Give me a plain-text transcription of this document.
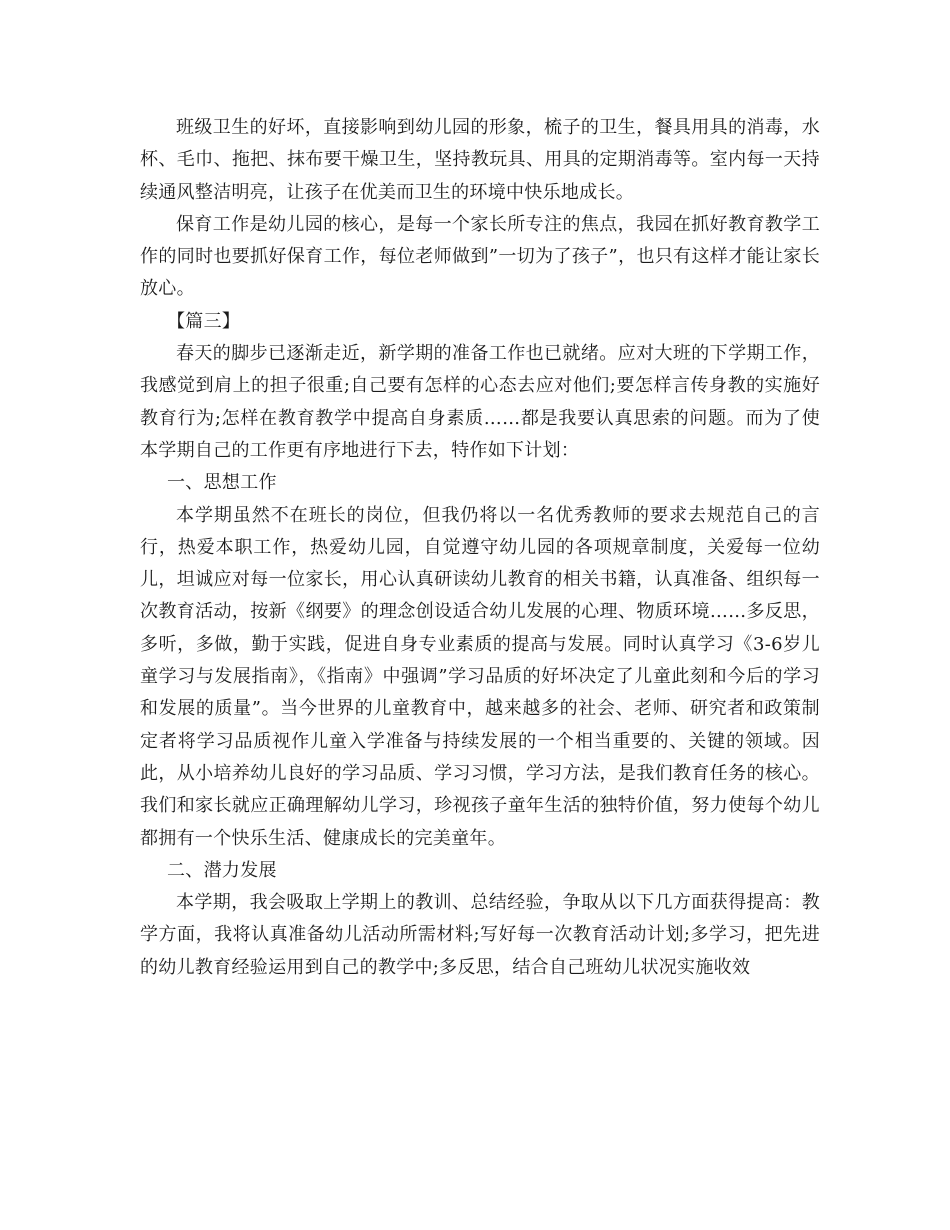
班级卫生的好坏，直接影响到幼儿园的形象，梳子的卫生，餐具用具的消毒，水杯、毛巾、拖把、抹布要干燥卫生，坚持教玩具、用具的定期消毒等。室内每一天持续通风整洁明亮，让孩子在优美而卫生的环境中快乐地成长。

保育工作是幼儿园的核心，是每一个家长所专注的焦点，我园在抓好教育教学工作的同时也要抓好保育工作，每位老师做到”一切为了孩子”，也只有这样才能让家长放心。

【篇三】

春天的脚步已逐渐走近，新学期的准备工作也已就绪。应对大班的下学期工作，我感觉到肩上的担子很重;自己要有怎样的心态去应对他们;要怎样言传身教的实施好教育行为;怎样在教育教学中提高自身素质……都是我要认真思索的问题。而为了使本学期自己的工作更有序地进行下去，特作如下计划：

一、思想工作

本学期虽然不在班长的岗位，但我仍将以一名优秀教师的要求去规范自己的言行，热爱本职工作，热爱幼儿园，自觉遵守幼儿园的各项规章制度，关爱每一位幼儿，坦诚应对每一位家长，用心认真研读幼儿教育的相关书籍，认真准备、组织每一次教育活动，按新《纲要》的理念创设适合幼儿发展的心理、物质环境……多反思，多听，多做，勤于实践，促进自身专业素质的提高与发展。同时认真学习《3-6岁儿童学习与发展指南》，《指南》中强调”学习品质的好坏决定了儿童此刻和今后的学习和发展的质量”。当今世界的儿童教育中，越来越多的社会、老师、研究者和政策制定者将学习品质视作儿童入学准备与持续发展的一个相当重要的、关键的领域。因此，从小培养幼儿良好的学习品质、学习习惯，学习方法，是我们教育任务的核心。我们和家长就应正确理解幼儿学习，珍视孩子童年生活的独特价值，努力使每个幼儿都拥有一个快乐生活、健康成长的完美童年。

二、潜力发展

本学期，我会吸取上学期上的教训、总结经验，争取从以下几方面获得提高：教学方面，我将认真准备幼儿活动所需材料;写好每一次教育活动计划;多学习，把先进的幼儿教育经验运用到自己的教学中;多反思，结合自己班幼儿状况实施收效
